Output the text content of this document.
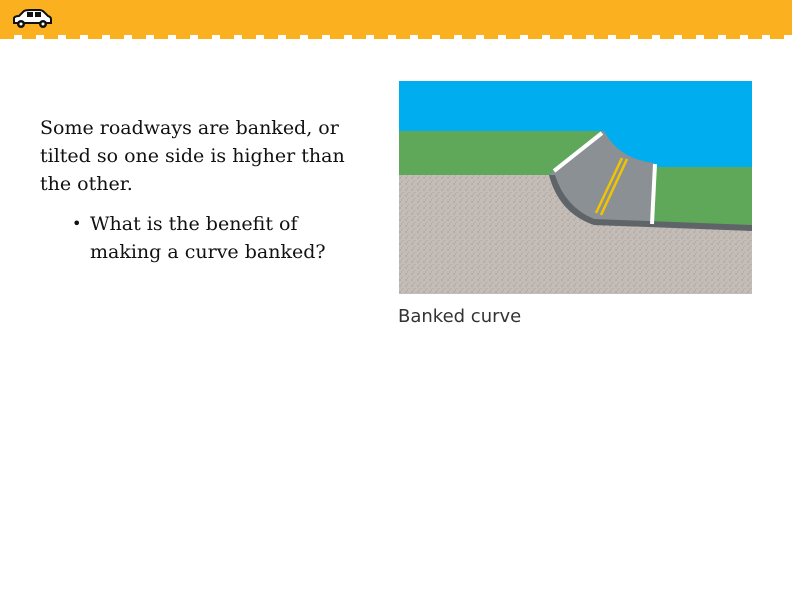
Some roadways are banked, or tilted so one side is higher than the other.
• What is the benefit of making a curve banked?
Banked curve
